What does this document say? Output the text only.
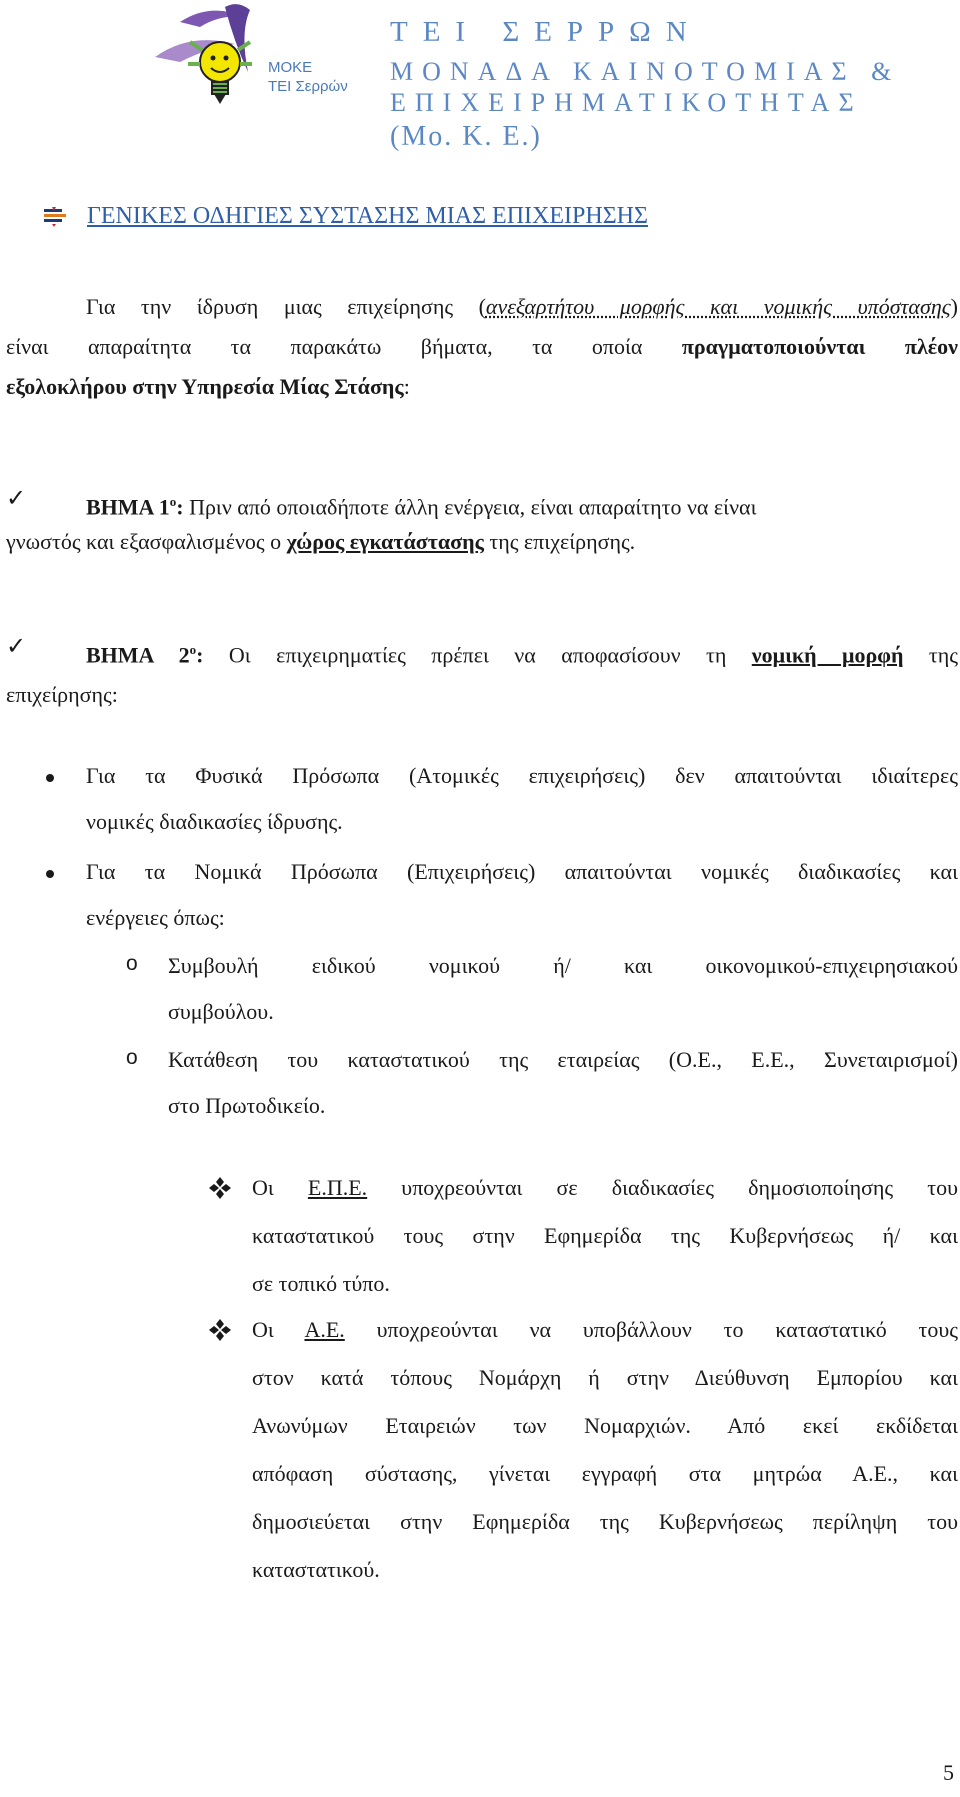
ΜΟΚΕ
ΤΕΙ Σερρών
ΤΕΙ ΣΕΡΡΩΝ
ΜΟΝΑΔΑ ΚΑΙΝΟΤΟΜΙΑΣ &
ΕΠΙΧΕΙΡΗΜΑΤΙΚΟΤΗΤΑΣ
(Μο. Κ. Ε.)
ΓΕΝΙΚΕΣ ΟΔΗΓΙΕΣ ΣΥΣΤΑΣΗΣ ΜΙΑΣ ΕΠΙΧΕΙΡΗΣΗΣ
Για την ίδρυση μιας επιχείρησης (ανεξαρτήτου μορφής και νομικής υπόστασης)
είναι απαραίτητα τα παρακάτω βήματα, τα οποία πραγματοποιούνται πλέον
εξολοκλήρου στην Υπηρεσία Μίας Στάσης:
✓	ΒΗΜΑ $1^o$: Πριν από οποιαδήποτε άλλη ενέργεια, είναι απαραίτητο να είναι
γνωστός και εξασφαλισμένος ο χώρος εγκατάστασης της επιχείρησης.
✓	ΒΗΜΑ $2^o$: Οι επιχειρηματίες πρέπει να αποφασίσουν τη νομική μορφή της
επιχείρησης:
Για τα Φυσικά Πρόσωπα (Ατομικές επιχειρήσεις) δεν απαιτούνται ιδιαίτερες
νομικές διαδικασίες ίδρυσης.
Για τα Νομικά Πρόσωπα (Επιχειρήσεις) απαιτούνται νομικές διαδικασίες και
ενέργειες όπως:
o Συμβουλή ειδικού νομικού ή/ και οικονομικού-επιχειρησιακού
συμβούλου.
o Κατάθεση του καταστατικού της εταιρείας (Ο.Ε., Ε.Ε., Συνεταιρισμοί)
στο Πρωτοδικείο.
Οι Ε.Π.Ε. υποχρεούνται σε διαδικασίες δημοσιοποίησης του
καταστατικού τους στην Εφημερίδα της Κυβερνήσεως ή/ και
σε τοπικό τύπο.
Οι Α.Ε. υποχρεούνται να υποβάλλουν το καταστατικό τους
στον κατά τόπους Νομάρχη ή στην Διεύθυνση Εμπορίου και
Ανωνύμων Εταιρειών των Νομαρχιών. Από εκεί εκδίδεται
απόφαση σύστασης, γίνεται εγγραφή στα μητρώα Α.Ε., και
δημοσιεύεται στην Εφημερίδα της Κυβερνήσεως περίληψη του
καταστατικού.
5
